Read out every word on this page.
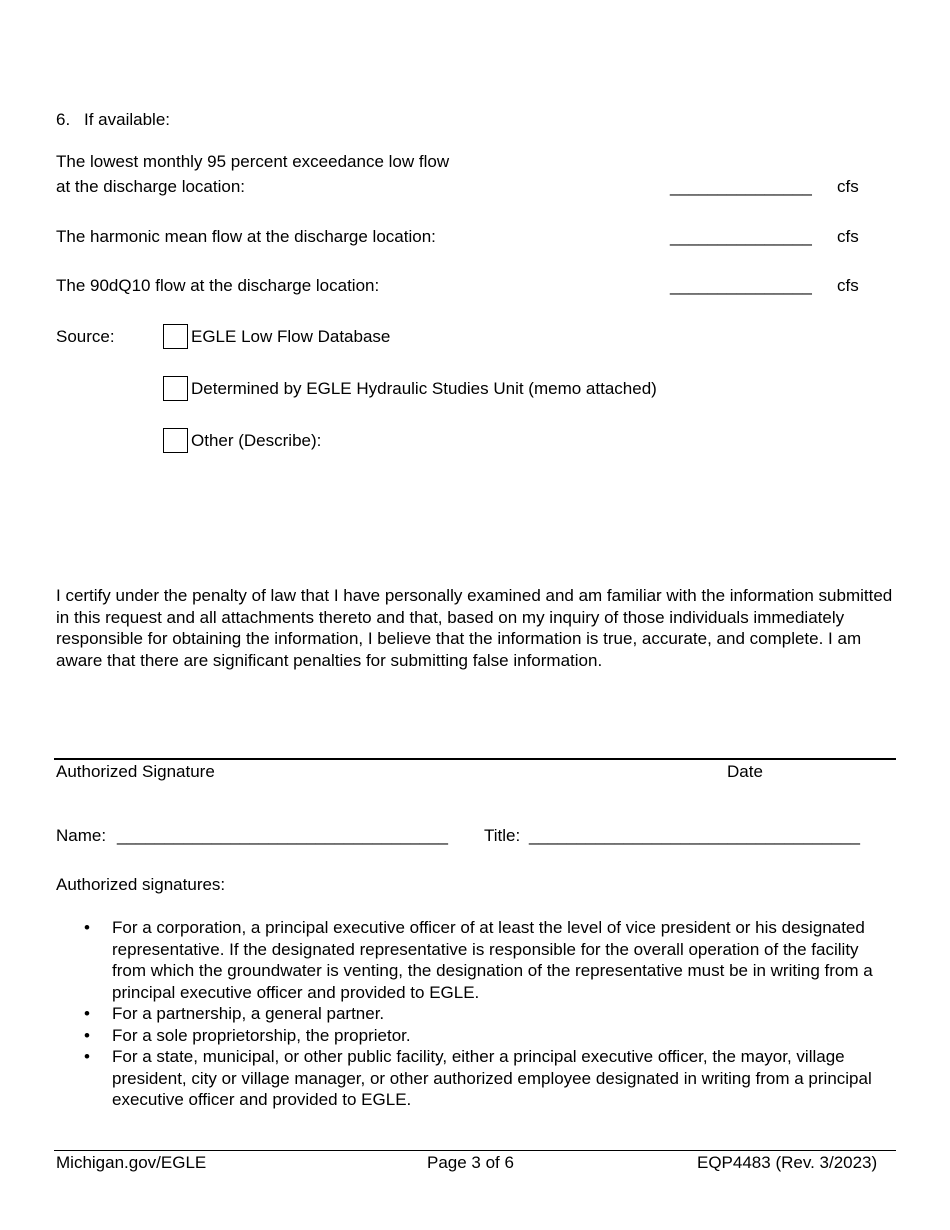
6. If available:
The lowest monthly 95 percent exceedance low flow
at the discharge location:	_______________ cfs
The harmonic mean flow at the discharge location:	_______________ cfs
The 90dQ10 flow at the discharge location:	_______________ cfs
Source:	EGLE Low Flow Database
Determined by EGLE Hydraulic Studies Unit (memo attached)
Other (Describe):
I certify under the penalty of law that I have personally examined and am familiar with the information submitted in this request and all attachments thereto and that, based on my inquiry of those individuals immediately responsible for obtaining the information, I believe that the information is true, accurate, and complete. I am aware that there are significant penalties for submitting false information.
Authorized Signature	Date
Name: ___________________________________ Title: ___________________________________
Authorized signatures:
• For a corporation, a principal executive officer of at least the level of vice president or his designated representative. If the designated representative is responsible for the overall operation of the facility from which the groundwater is venting, the designation of the representative must be in writing from a principal executive officer and provided to EGLE.
• For a partnership, a general partner.
• For a sole proprietorship, the proprietor.
• For a state, municipal, or other public facility, either a principal executive officer, the mayor, village president, city or village manager, or other authorized employee designated in writing from a principal executive officer and provided to EGLE.
Michigan.gov/EGLE	Page 3 of 6	EQP4483 (Rev. 3/2023)
